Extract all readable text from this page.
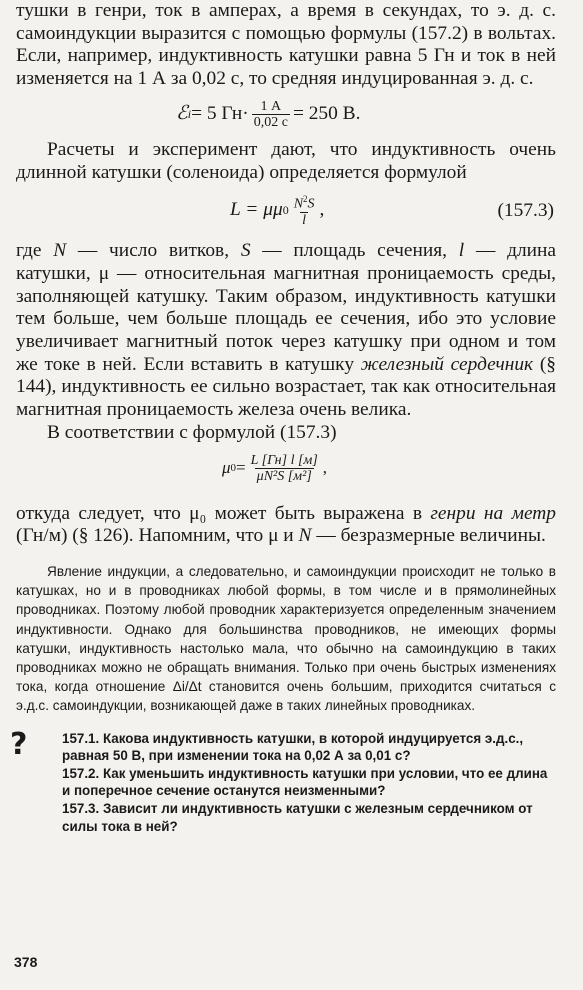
тушки в генри, ток в амперах, а время в секундах, то э. д. с. самоиндукции выразится с помощью формулы (157.2) в вольтах. Если, например, индуктивность катушки равна 5 Гн и ток в ней изменяется на 1 А за 0,02 с, то средняя индуцированная э. д. с.

ℰ i = 5 $Гн\cdot \frac{1 А}{0,02 с} = 250$ В.

Расчеты и эксперимент дают, что индуктивность очень длинной катушки (соленоида) определяется формулой

L = μμ $0 \frac{N^2S}{l}$ ,	(157.3)

где N — число витков, S — площадь сечения, l — длина катушки, μ — относительная магнитная проницаемость среды, заполняющей катушку. Таким образом, индуктивность катушки тем больше, чем больше площадь ее сечения, ибо это условие увеличивает магнитный поток через катушку при одном и том же токе в ней. Если вставить в катушку железный сердечник (§ 144), индуктивность ее сильно возрастает, так как относительная магнитная проницаемость железа очень велика.

В соответствии с формулой (157.3)

μ $0 = \frac{L [Гн] l [м]}{\text{μN²S [м²]}}$ ,

откуда следует, что μ₀ может быть выражена в генри на метр (Гн/м) (§ 126). Напомним, что μ и N — безразмерные величины.

Явление индукции, а следовательно, и самоиндукции происходит не только в катушках, но и в проводниках любой формы, в том числе и в прямолинейных проводниках. Поэтому любой проводник характеризуется определенным значением индуктивности. Однако для большинства проводников, не имеющих формы катушки, индуктивность настолько мала, что обычно на самоиндукцию в таких проводниках можно не обращать внимания. Только при очень быстрых изменениях тока, когда отношение Δi/Δt становится очень большим, приходится считаться с э.д.с. самоиндукции, возникающей даже в таких линейных проводниках.

?	157.1. Какова индуктивность катушки, в которой индуцируется э.д.с., равная 50 В, при изменении тока на 0,02 А за 0,01 с?

157.2. Как уменьшить индуктивность катушки при условии, что ее длина и поперечное сечение останутся неизменными?

157.3. Зависит ли индуктивность катушки с железным сердечником от силы тока в ней?

378
